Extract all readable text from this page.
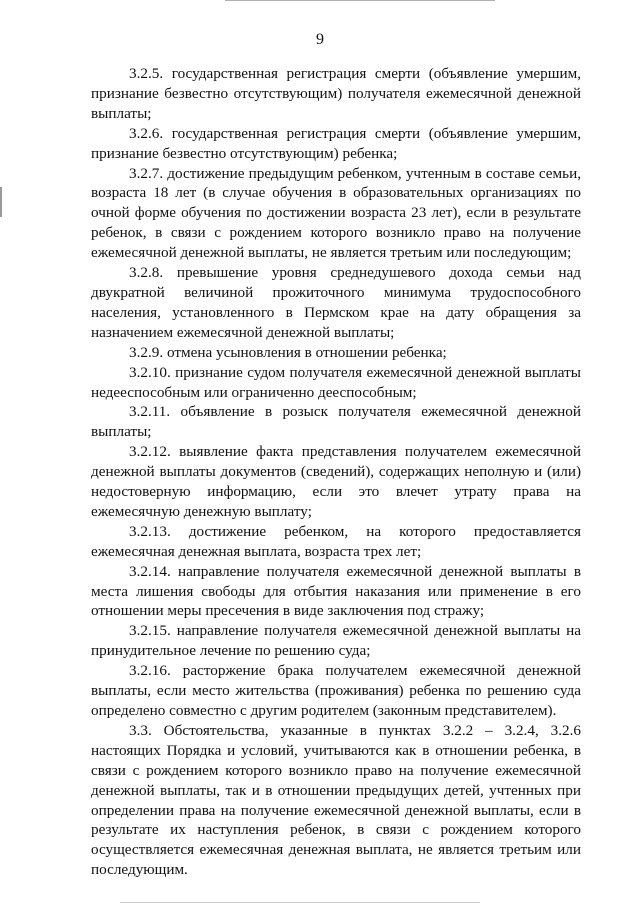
9

3.2.5. государственная регистрация смерти (объявление умершим, признание безвестно отсутствующим) получателя ежемесячной денежной выплаты;

3.2.6. государственная регистрация смерти (объявление умершим, признание безвестно отсутствующим) ребенка;

3.2.7. достижение предыдущим ребенком, учтенным в составе семьи, возраста 18 лет (в случае обучения в образовательных организациях по очной форме обучения по достижении возраста 23 лет), если в результате ребенок, в связи с рождением которого возникло право на получение ежемесячной денежной выплаты, не является третьим или последующим;

3.2.8. превышение уровня среднедушевого дохода семьи над двукратной величиной прожиточного минимума трудоспособного населения, установленного в Пермском крае на дату обращения за назначением ежемесячной денежной выплаты;

3.2.9. отмена усыновления в отношении ребенка;

3.2.10. признание судом получателя ежемесячной денежной выплаты недееспособным или ограниченно дееспособным;

3.2.11. объявление в розыск получателя ежемесячной денежной выплаты;

3.2.12. выявление факта представления получателем ежемесячной денежной выплаты документов (сведений), содержащих неполную и (или) недостоверную информацию, если это влечет утрату права на ежемесячную денежную выплату;

3.2.13. достижение ребенком, на которого предоставляется ежемесячная денежная выплата, возраста трех лет;

3.2.14. направление получателя ежемесячной денежной выплаты в места лишения свободы для отбытия наказания или применение в его отношении меры пресечения в виде заключения под стражу;

3.2.15. направление получателя ежемесячной денежной выплаты на принудительное лечение по решению суда;

3.2.16. расторжение брака получателем ежемесячной денежной выплаты, если место жительства (проживания) ребенка по решению суда определено совместно с другим родителем (законным представителем).

3.3. Обстоятельства, указанные в пунктах 3.2.2 – 3.2.4, 3.2.6 настоящих Порядка и условий, учитываются как в отношении ребенка, в связи с рождением которого возникло право на получение ежемесячной денежной выплаты, так и в отношении предыдущих детей, учтенных при определении права на получение ежемесячной денежной выплаты, если в результате их наступления ребенок, в связи с рождением которого осуществляется ежемесячная денежная выплата, не является третьим или последующим.
